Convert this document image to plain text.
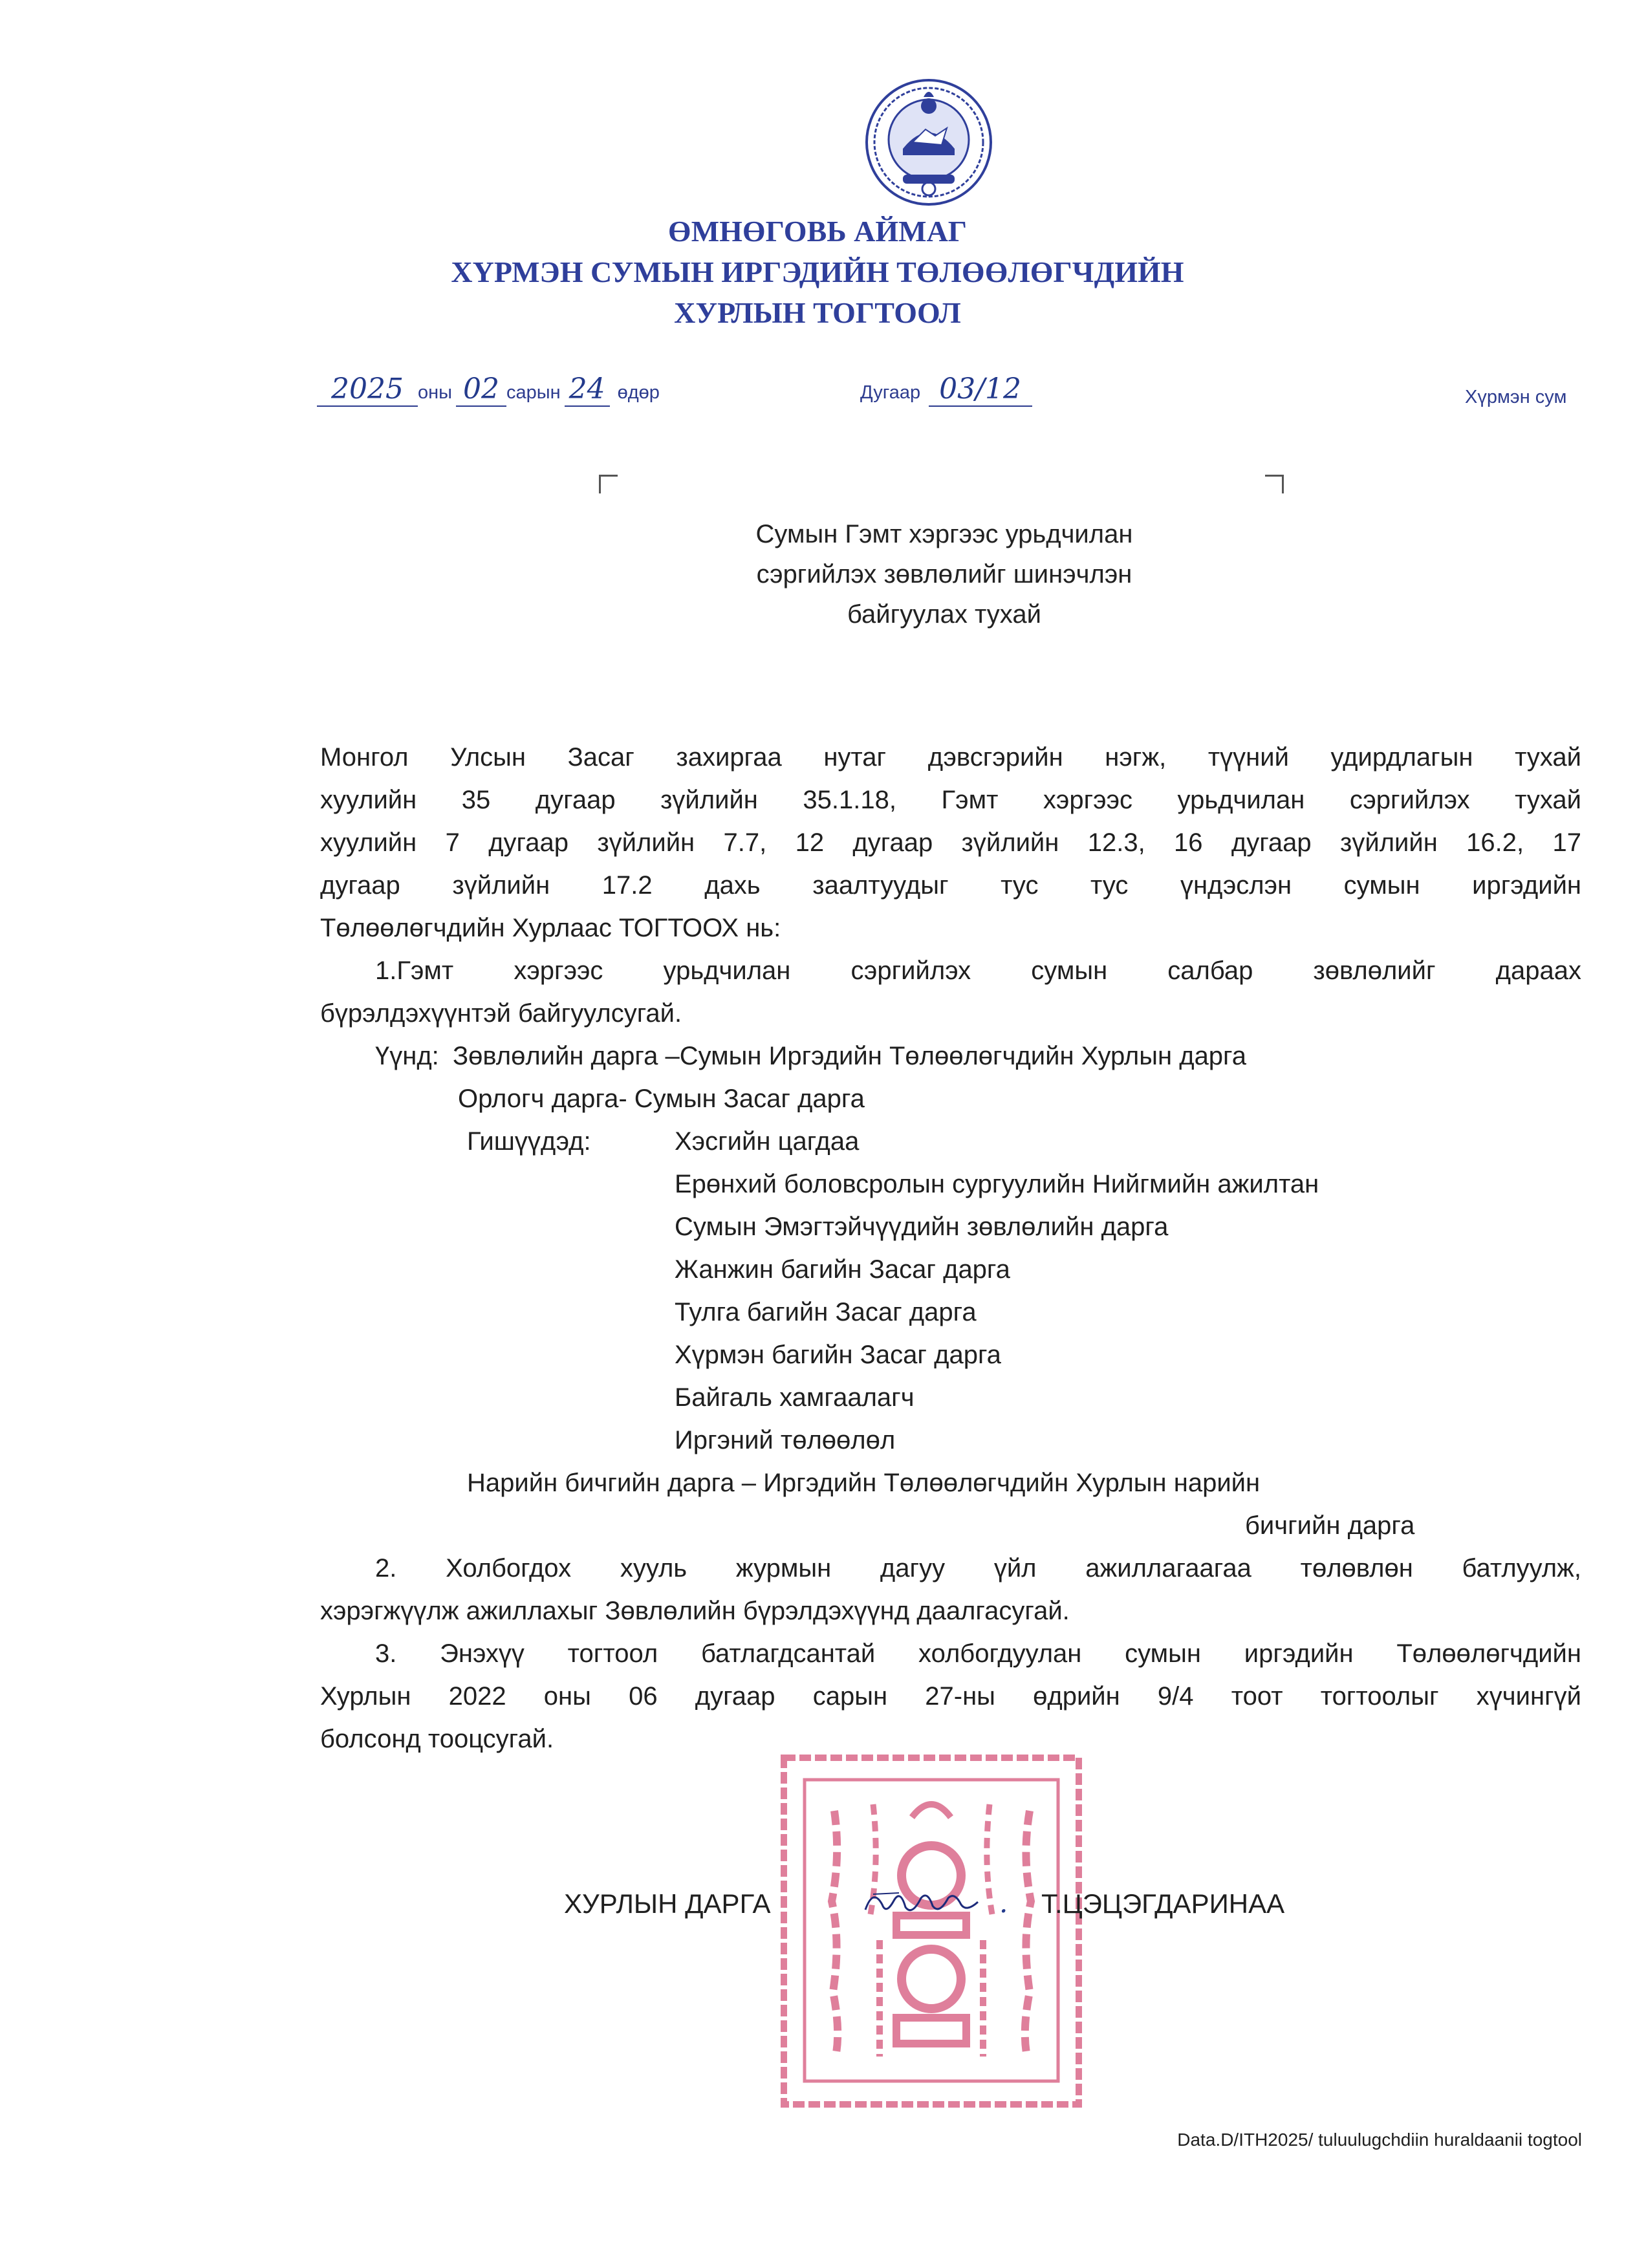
ӨМНӨГОВЬ АЙМАГ
ХҮРМЭН СУМЫН ИРГЭДИЙН ТӨЛӨӨЛӨГЧДИЙН
ХУРЛЫН ТОГТООЛ
2025 оны 02 сарын 24 өдөр	Дугаар 03/12	Хүрмэн сум
Сумын Гэмт хэргээс урьдчилан
сэргийлэх зөвлөлийг шинэчлэн
байгуулах тухай
Монгол Улсын Засаг захиргаа нутаг дэвсгэрийн нэгж, түүний удирдлагын тухай
хуулийн 35 дугаар зүйлийн 35.1.18, Гэмт хэргээс урьдчилан сэргийлэх тухай
хуулийн 7 дугаар зүйлийн 7.7, 12 дугаар зүйлийн 12.3, 16 дугаар зүйлийн 16.2, 17
дугаар зүйлийн 17.2 дахь заалтуудыг тус тус үндэслэн сумын иргэдийн
Төлөөлөгчдийн Хурлаас ТОГТООХ нь:
1.Гэмт хэргээс урьдчилан сэргийлэх сумын салбар зөвлөлийг дараах
бүрэлдэхүүнтэй байгуулсугай.
Үүнд: Зөвлөлийн дарга –Сумын Иргэдийн Төлөөлөгчдийн Хурлын дарга
Орлогч дарга- Сумын Засаг дарга
Гишүүдэд:	Хэсгийн цагдаа
Ерөнхий боловсролын сургуулийн Нийгмийн ажилтан
Сумын Эмэгтэйчүүдийн зөвлөлийн дарга
Жанжин багийн Засаг дарга
Тулга багийн Засаг дарга
Хүрмэн багийн Засаг дарга
Байгаль хамгаалагч
Иргэний төлөөлөл
Нарийн бичгийн дарга – Иргэдийн Төлөөлөгчдийн Хурлын нарийн
бичгийн дарга
2. Холбогдох хууль журмын дагуу үйл ажиллагаагаа төлөвлөн батлуулж,
хэрэгжүүлж ажиллахыг Зөвлөлийн бүрэлдэхүүнд даалгасугай.
3. Энэхүү тогтоол батлагдсантай холбогдуулан сумын иргэдийн Төлөөлөгчдийн
Хурлын 2022 оны 06 дугаар сарын 27-ны өдрийн 9/4 тоот тогтоолыг хүчингүй
болсонд тооцсугай.
ХУРЛЫН ДАРГА	. Т.ЦЭЦЭГДАРИНАА
Data.D/ITH2025/ tuluulugchdiin huraldaanii togtool
